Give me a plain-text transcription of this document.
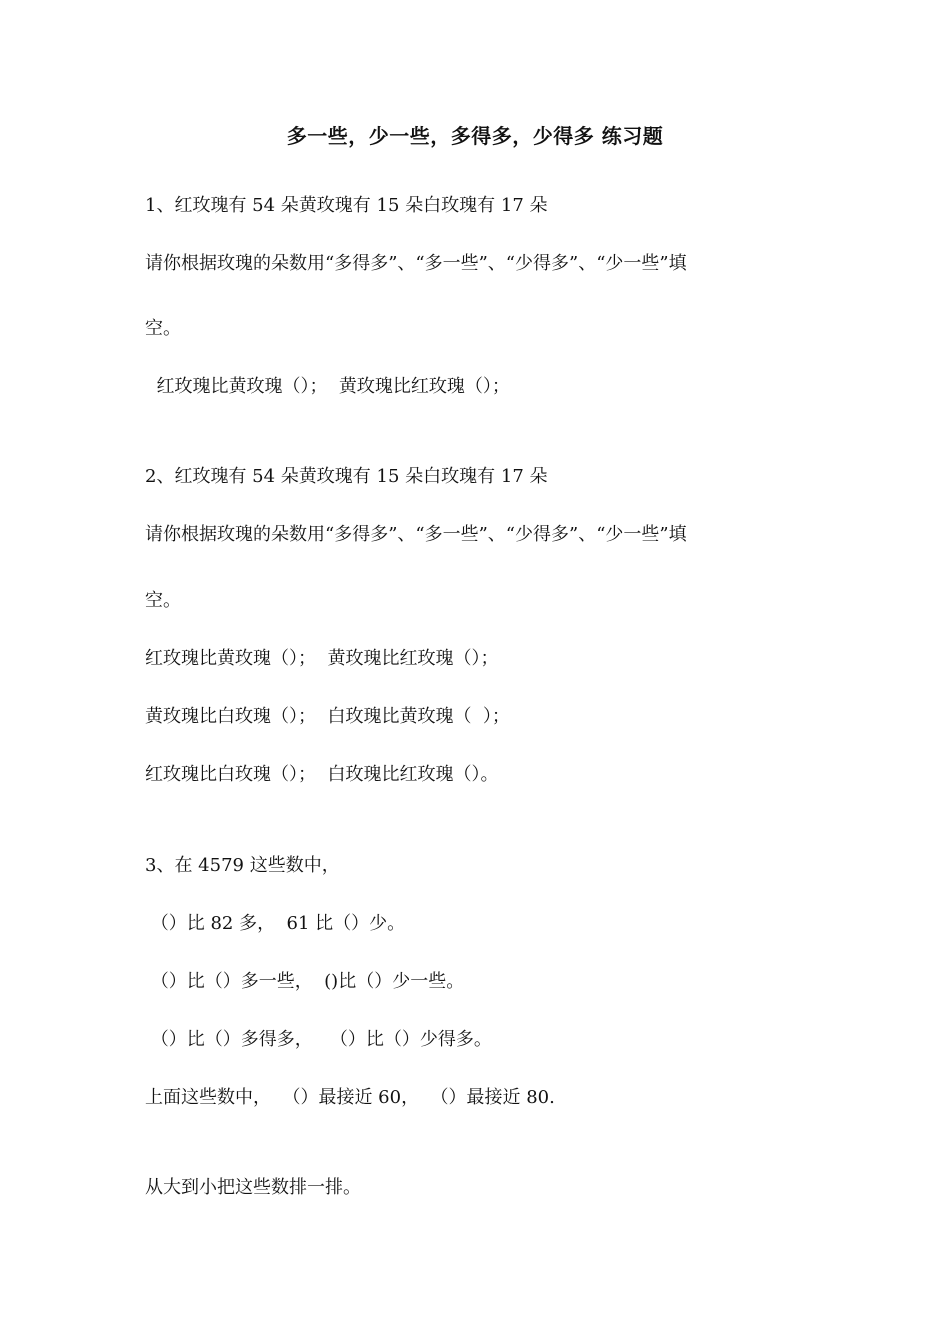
多一些，少一些，多得多，少得多 练习题
1、红玫瑰有 54 朵黄玫瑰有 15 朵白玫瑰有 17 朵
请你根据玫瑰的朵数用“多得多”、“多一些”、“少得多”、“少一些”填
空。
红玫瑰比黄玫瑰（）；  黄玫瑰比红玫瑰（）；
2、红玫瑰有 54 朵黄玫瑰有 15 朵白玫瑰有 17 朵
请你根据玫瑰的朵数用“多得多”、“多一些”、“少得多”、“少一些”填
空。
红玫瑰比黄玫瑰（）；  黄玫瑰比红玫瑰（）；
黄玫瑰比白玫瑰（）；  白玫瑰比黄玫瑰（  ）；
红玫瑰比白玫瑰（）；  白玫瑰比红玫瑰（）。
3、在 4579 这些数中，
（）比 82 多，  61 比（）少。
（）比（）多一些，  ()比（）少一些。
（）比（）多得多，   （）比（）少得多。
上面这些数中，  （）最接近 60，  （）最接近 80.
从大到小把这些数排一排。
